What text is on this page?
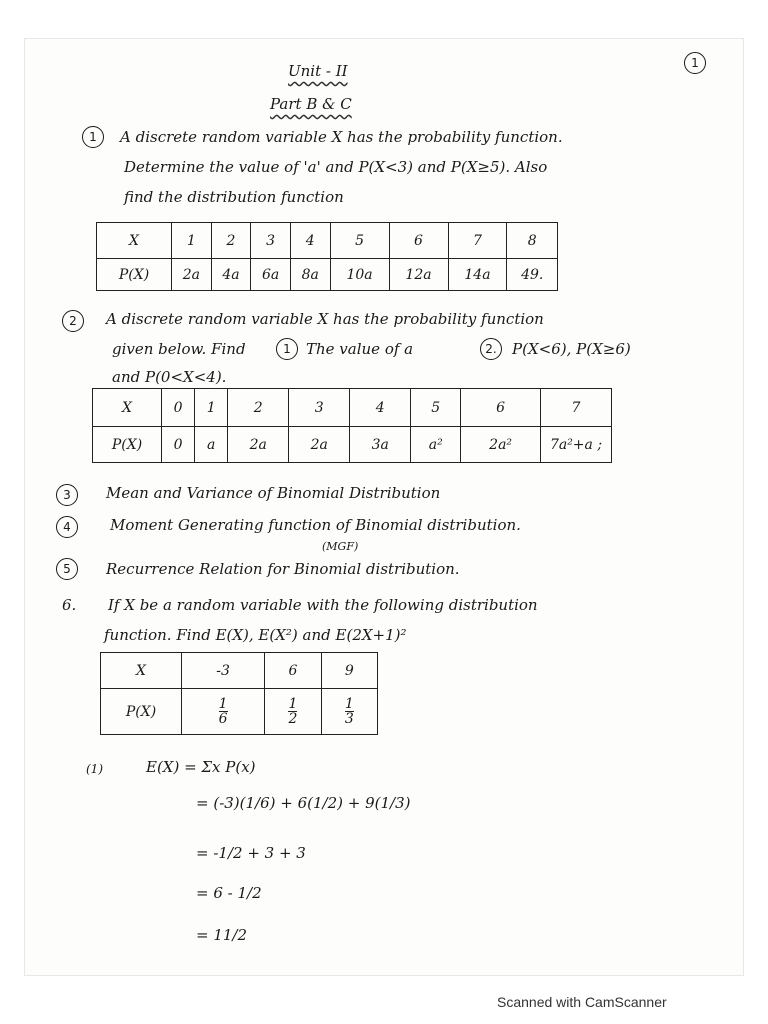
Unit - II
Part B & C
1
1	A discrete random variable X has the probability function.
Determine the value of 'a' and P(X<3) and P(X≥5). Also
find the distribution function
X	1	2	3	4	5	6	7	8
P(X)	2a	4a	6a	8a	10a	12a	14a	49.
2	A discrete random variable X has the probability function
given below. Find	1	The value of a	2.	P(X<6), P(X≥6)
and P(0<X<4).
X	0	1	2	3	4	5	6	7
P(X)	0	a	2a	2a	3a	a²	2a²	7a²+a ;
3	Mean and Variance of Binomial Distribution
4	Moment Generating function of Binomial distribution.
(MGF)
5	Recurrence Relation for Binomial distribution.
6. If X be a random variable with the following distribution
function. Find E(X), E(X²) and E(2X+1)²
X	-3	6	9
P(X)	$\frac{1}{6}$	$\frac{1}{2}$	$\frac{1}{3}$
(1)	E(X) = Σx P(x)
= (-3)(1/6) + 6(1/2) + 9(1/3)
= -1/2 + 3 + 3
= 6 - 1/2
= 11/2
Scanned with CamScanner
